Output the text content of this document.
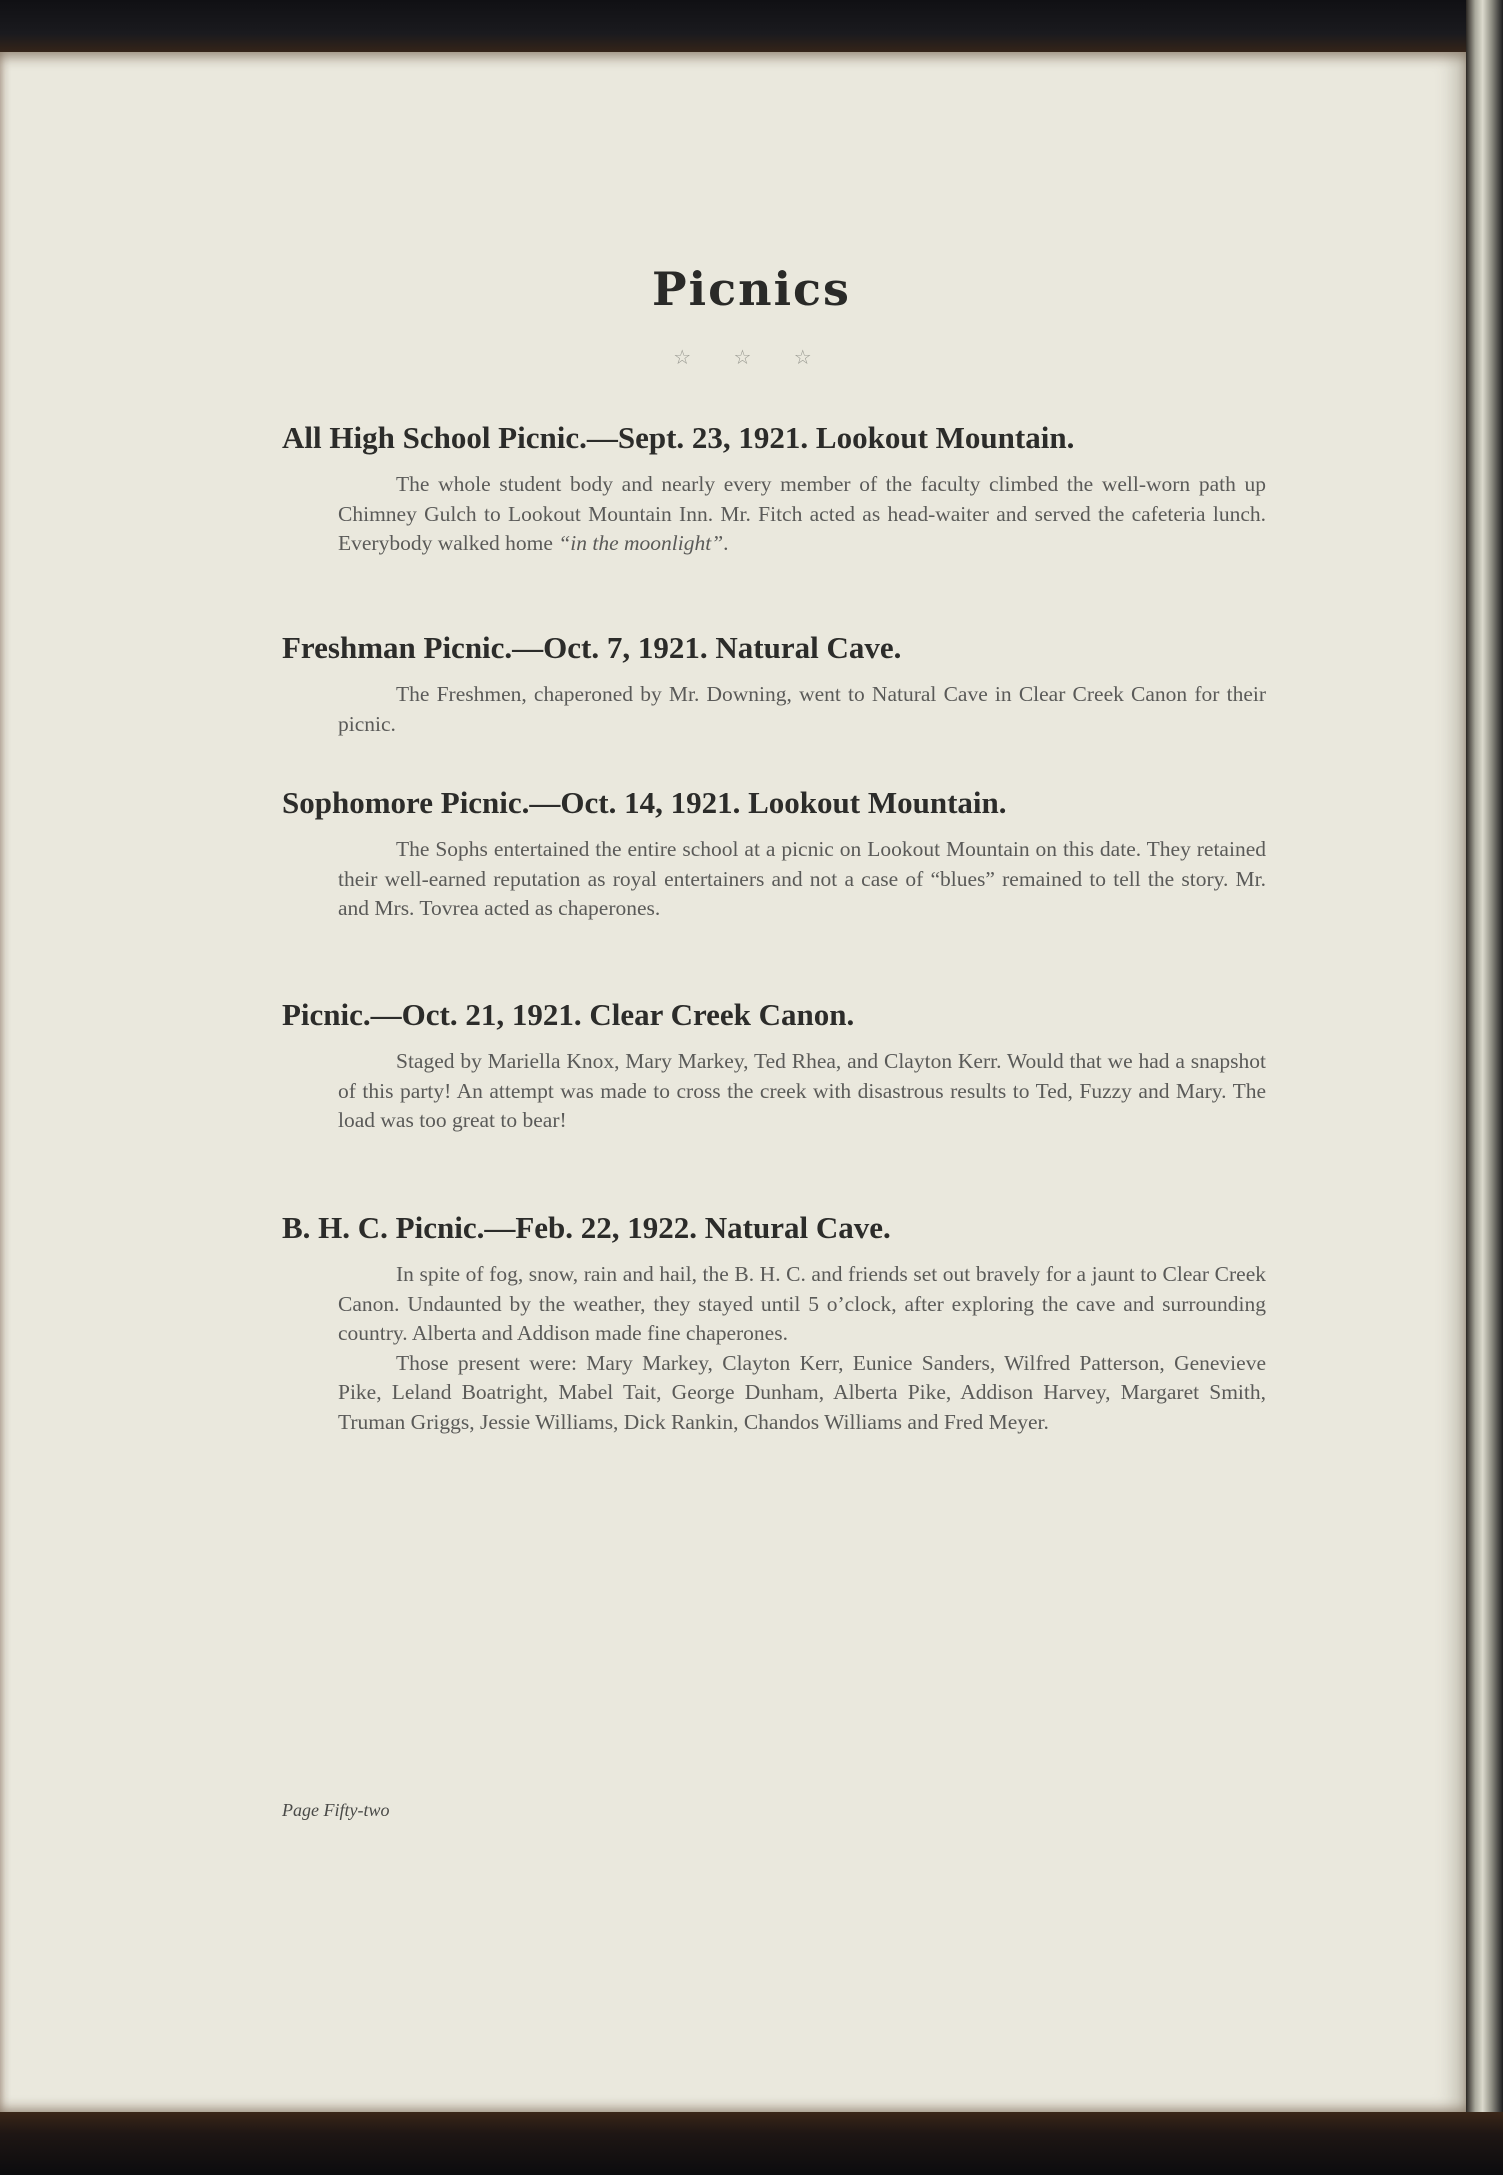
Picnics
☆ ☆ ☆
All High School Picnic.—Sept. 23, 1921. Lookout Mountain.

The whole student body and nearly every member of the faculty climbed the well-worn path up Chimney Gulch to Lookout Mountain Inn. Mr. Fitch acted as head-waiter and served the cafeteria lunch. Everybody walked home “in the moonlight”.

Freshman Picnic.—Oct. 7, 1921. Natural Cave.

The Freshmen, chaperoned by Mr. Downing, went to Natural Cave in Clear Creek Canon for their picnic.

Sophomore Picnic.—Oct. 14, 1921. Lookout Mountain.

The Sophs entertained the entire school at a picnic on Lookout Mountain on this date. They retained their well-earned reputation as royal entertainers and not a case of “blues” remained to tell the story. Mr. and Mrs. Tovrea acted as chaperones.

Picnic.—Oct. 21, 1921. Clear Creek Canon.

Staged by Mariella Knox, Mary Markey, Ted Rhea, and Clayton Kerr. Would that we had a snapshot of this party! An attempt was made to cross the creek with disastrous results to Ted, Fuzzy and Mary. The load was too great to bear!

B. H. C. Picnic.—Feb. 22, 1922. Natural Cave.

In spite of fog, snow, rain and hail, the B. H. C. and friends set out bravely for a jaunt to Clear Creek Canon. Undaunted by the weather, they stayed until 5 o’clock, after exploring the cave and surrounding country. Alberta and Addison made fine chaperones.

Those present were: Mary Markey, Clayton Kerr, Eunice Sanders, Wilfred Patterson, Genevieve Pike, Leland Boatright, Mabel Tait, George Dunham, Alberta Pike, Addison Harvey, Margaret Smith, Truman Griggs, Jessie Williams, Dick Rankin, Chandos Williams and Fred Meyer.

Page Fifty-two
